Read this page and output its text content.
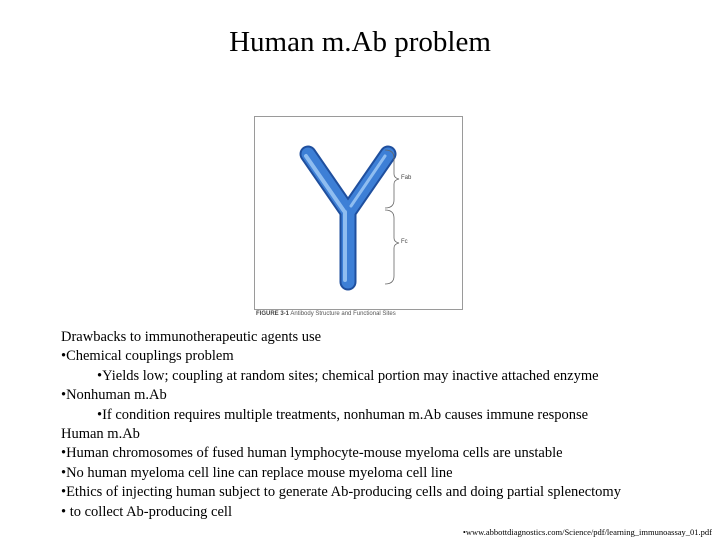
Human m.Ab problem
Fab
Fc
FIGURE 3-1 Antibody Structure and Functional Sites
Drawbacks to immunotherapeutic agents use
•Chemical couplings problem
•Yields low; coupling at random sites; chemical portion may inactive attached enzyme
•Nonhuman m.Ab
•If condition requires multiple treatments, nonhuman m.Ab causes immune response
Human m.Ab
•Human chromosomes of fused human lymphocyte-mouse myeloma cells are unstable
•No human myeloma cell line can replace mouse myeloma cell line
•Ethics of injecting human subject to generate Ab-producing cells and doing partial splenectomy
• to collect Ab-producing cell
•www.abbottdiagnostics.com/Science/pdf/learning_immunoassay_01.pdf
